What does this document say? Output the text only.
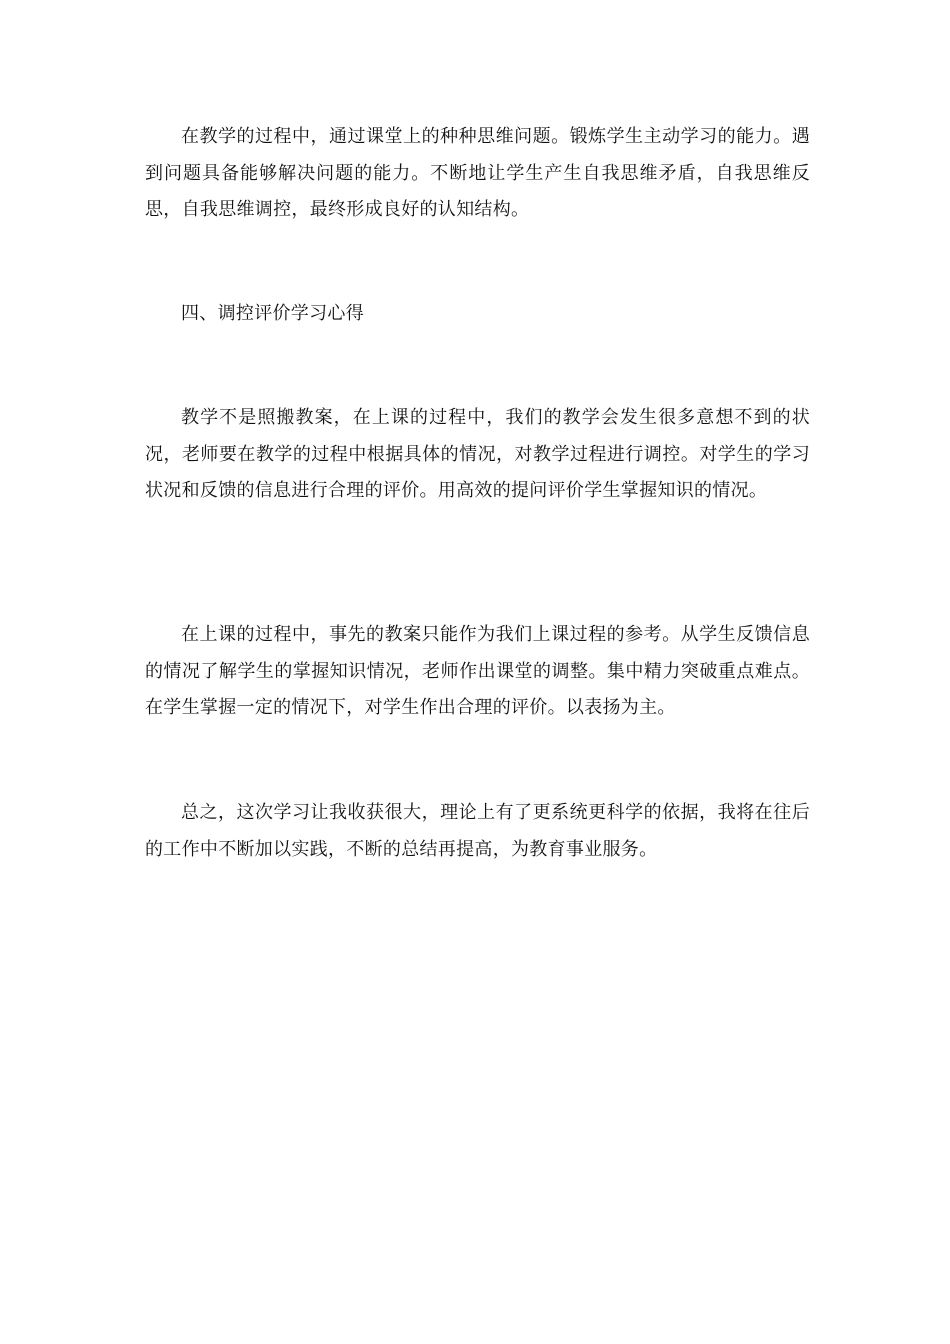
在教学的过程中，通过课堂上的种种思维问题。锻炼学生主动学习的能力。遇到问题具备能够解决问题的能力。不断地让学生产生自我思维矛盾，自我思维反思，自我思维调控，最终形成良好的认知结构。

四、调控评价学习心得

教学不是照搬教案，在上课的过程中，我们的教学会发生很多意想不到的状况，老师要在教学的过程中根据具体的情况，对教学过程进行调控。对学生的学习状况和反馈的信息进行合理的评价。用高效的提问评价学生掌握知识的情况。

在上课的过程中，事先的教案只能作为我们上课过程的参考。从学生反馈信息的情况了解学生的掌握知识情况，老师作出课堂的调整。集中精力突破重点难点。在学生掌握一定的情况下，对学生作出合理的评价。以表扬为主。

总之，这次学习让我收获很大，理论上有了更系统更科学的依据，我将在往后的工作中不断加以实践，不断的总结再提高，为教育事业服务。
